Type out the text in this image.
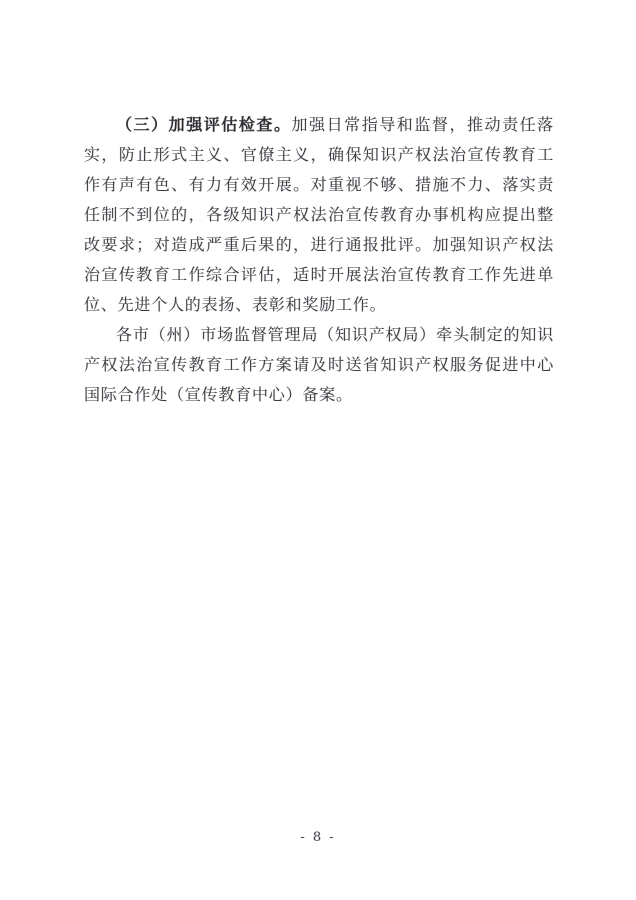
（三）加强评估检查。加强日常指导和监督，推动责任落实，防止形式主义、官僚主义，确保知识产权法治宣传教育工作有声有色、有力有效开展。对重视不够、措施不力、落实责任制不到位的，各级知识产权法治宣传教育办事机构应提出整改要求；对造成严重后果的，进行通报批评。加强知识产权法治宣传教育工作综合评估，适时开展法治宣传教育工作先进单位、先进个人的表扬、表彰和奖励工作。

各市（州）市场监督管理局（知识产权局）牵头制定的知识产权法治宣传教育工作方案请及时送省知识产权服务促进中心国际合作处（宣传教育中心）备案。

- 8 -
